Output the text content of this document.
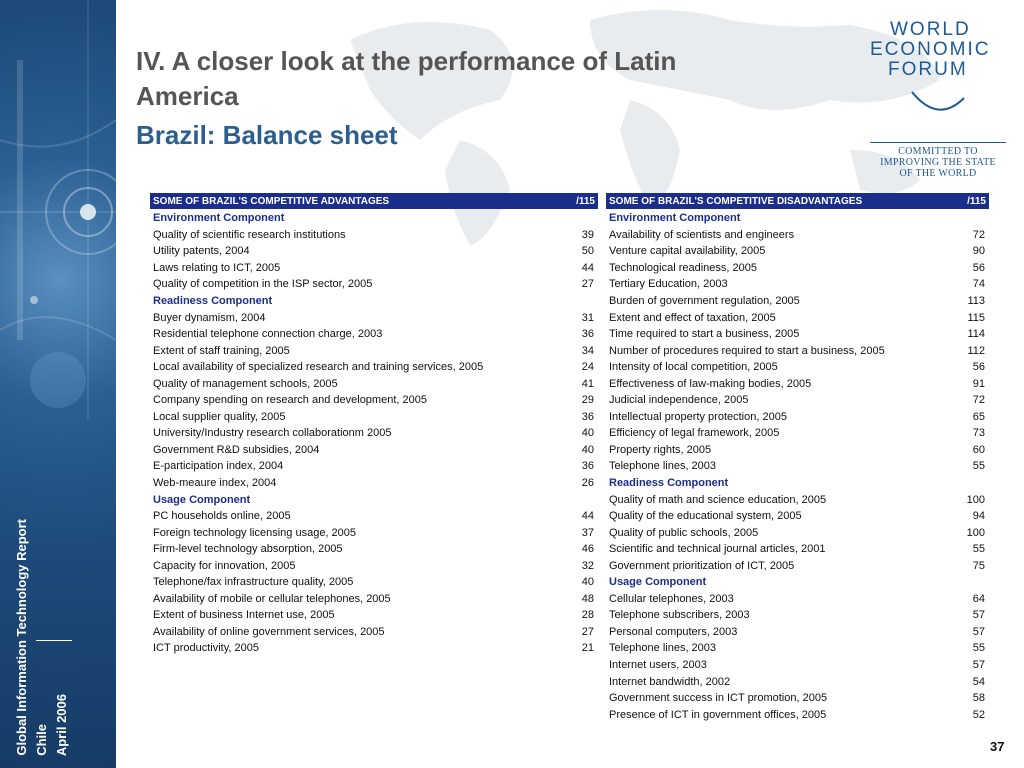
Global Information Technology Report Chile April 2006
IV. A closer look at the performance of Latin America
Brazil: Balance sheet
WORLD
ECONOMIC
FORUM
COMMITTED TO
IMPROVING THE STATE
OF THE WORLD
SOME OF BRAZIL'S COMPETITIVE ADVANTAGES	/115
Environment Component
Quality of scientific research institutions	39
Utility patents, 2004	50
Laws relating to ICT, 2005	44
Quality of competition in the ISP sector, 2005	27
Readiness Component
Buyer dynamism, 2004	31
Residential telephone connection charge, 2003	36
Extent of staff training, 2005	34
Local availability of specialized research and training services, 2005	24
Quality of management schools, 2005	41
Company spending on research and development, 2005	29
Local supplier quality, 2005	36
University/Industry research collaborationm 2005	40
Government R&D subsidies, 2004	40
E-participation index, 2004	36
Web-meaure index, 2004	26
Usage Component
PC households online, 2005	44
Foreign technology licensing usage, 2005	37
Firm-level technology absorption, 2005	46
Capacity for innovation, 2005	32
Telephone/fax infrastructure quality, 2005	40
Availability of mobile or cellular telephones, 2005	48
Extent of business Internet use, 2005	28
Availability of online government services, 2005	27
ICT productivity, 2005	21
SOME OF BRAZIL'S COMPETITIVE DISADVANTAGES	/115
Environment Component
Availability of scientists and engineers	72
Venture capital availability, 2005	90
Technological readiness, 2005	56
Tertiary Education, 2003	74
Burden of government regulation, 2005	113
Extent and effect of taxation, 2005	115
Time required to start a business, 2005	114
Number of procedures required to start a business, 2005	112
Intensity of local competition, 2005	56
Effectiveness of law-making bodies, 2005	91
Judicial independence, 2005	72
Intellectual property protection, 2005	65
Efficiency of legal framework, 2005	73
Property rights, 2005	60
Telephone lines, 2003	55
Readiness Component
Quality of math and science education, 2005	100
Quality of the educational system, 2005	94
Quality of public schools, 2005	100
Scientific and technical journal articles, 2001	55
Government prioritization of ICT, 2005	75
Usage Component
Cellular telephones, 2003	64
Telephone subscribers, 2003	57
Personal computers, 2003	57
Telephone lines, 2003	55
Internet users, 2003	57
Internet bandwidth, 2002	54
Government success in ICT promotion, 2005	58
Presence of ICT in government offices, 2005	52
37
